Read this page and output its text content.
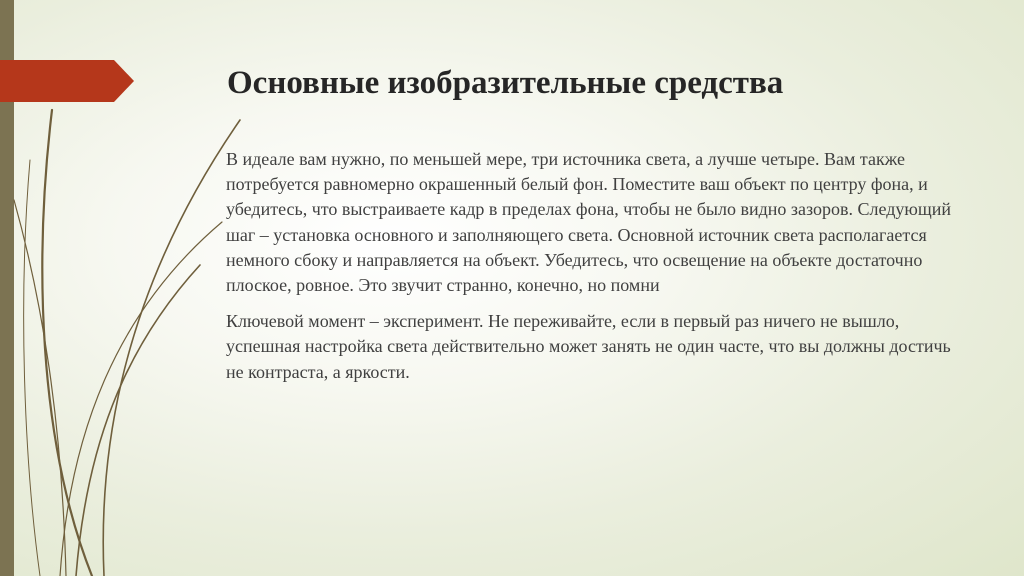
Основные изобразительные средства

В идеале вам нужно, по меньшей мере, три источника света, а лучше четыре. Вам также потребуется равномерно окрашенный белый фон. Поместите ваш объект по центру фона, и убедитесь, что выстраиваете кадр в пределах фона, чтобы не было видно зазоров. Следующий шаг – установка основного и заполняющего света. Основной источник света располагается немного сбоку и направляется на объект. Убедитесь, что освещение на объекте достаточно плоское, ровное. Это звучит странно, конечно, но помни

Ключевой момент – эксперимент. Не переживайте, если в первый раз ничего не вышло, успешная настройка света действительно может занять не один часте, что вы должны достичь не контраста, а яркости.
